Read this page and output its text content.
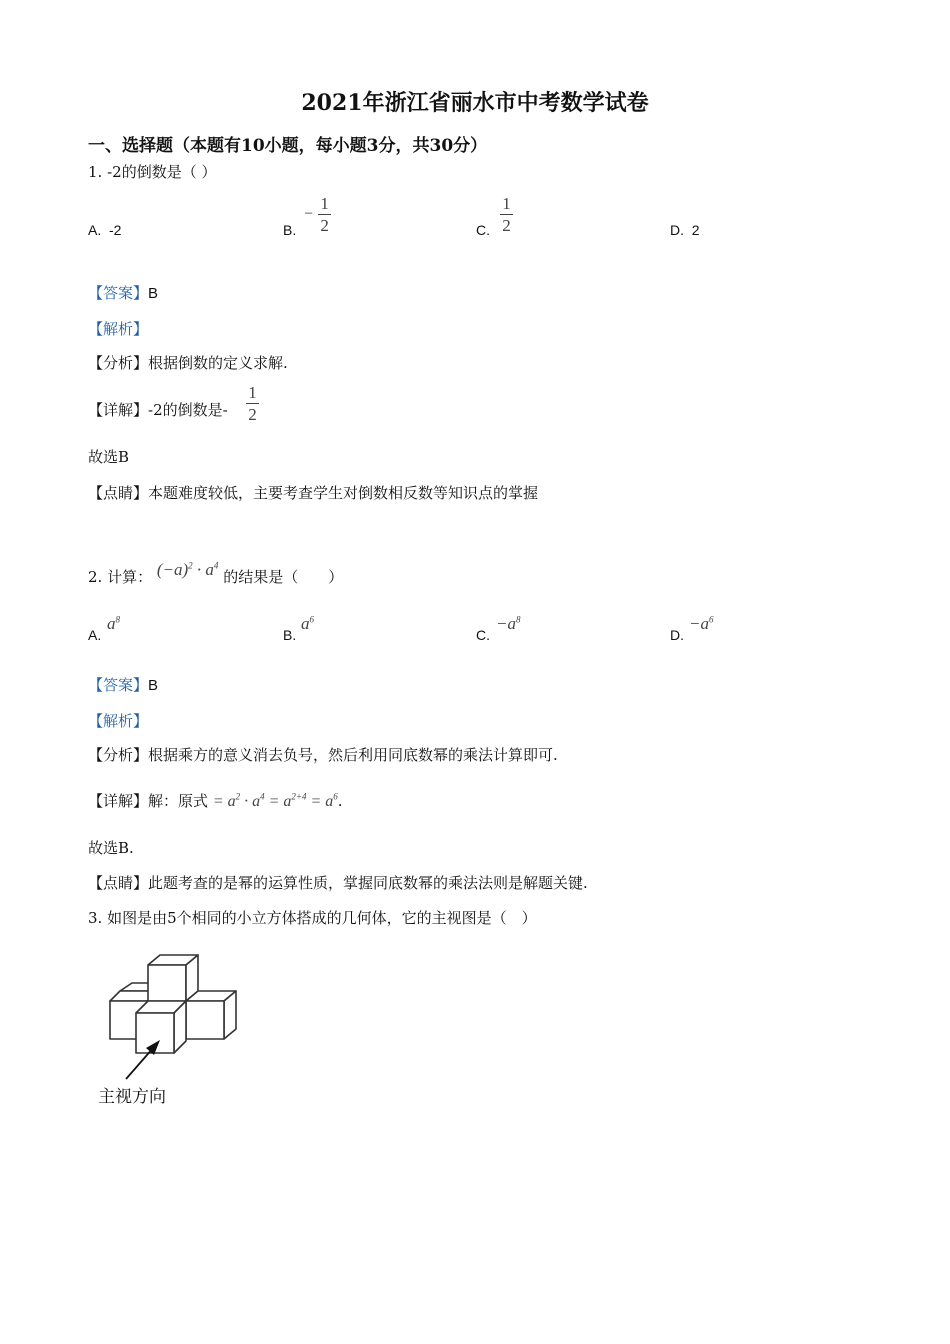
2021年浙江省丽水市中考数学试卷
一、选择题（本题有10小题，每小题3分，共30分）
1. -2的倒数是（ ）
A. -2	B.
− $\frac{1}{2}$	C. $\frac{1}{2}$	D. 2
【答案】B
【解析】
【分析】根据倒数的定义求解.
【详解】-2的倒数是- $\frac{1}{2}$
故选B
【点睛】本题难度较低，主要考查学生对倒数相反数等知识点的掌握
2. 计算： $(-a)^2 \cdot a^4$ 的结果是（　　）
A.
$a^8$
B.
$a^6$
C.
$-a^8$
D.
$-a^6$
【答案】B
【解析】
【分析】根据乘方的意义消去负号，然后利用同底数幂的乘法计算即可.
【详解】解：原式 = $a^2 \cdot a^4 = a^{2+4} = a^6$.
故选B.
【点睛】此题考查的是幂的运算性质，掌握同底数幂的乘法法则是解题关键.
3. 如图是由5个相同的小立方体搭成的几何体，它的主视图是（　）
主视方向
